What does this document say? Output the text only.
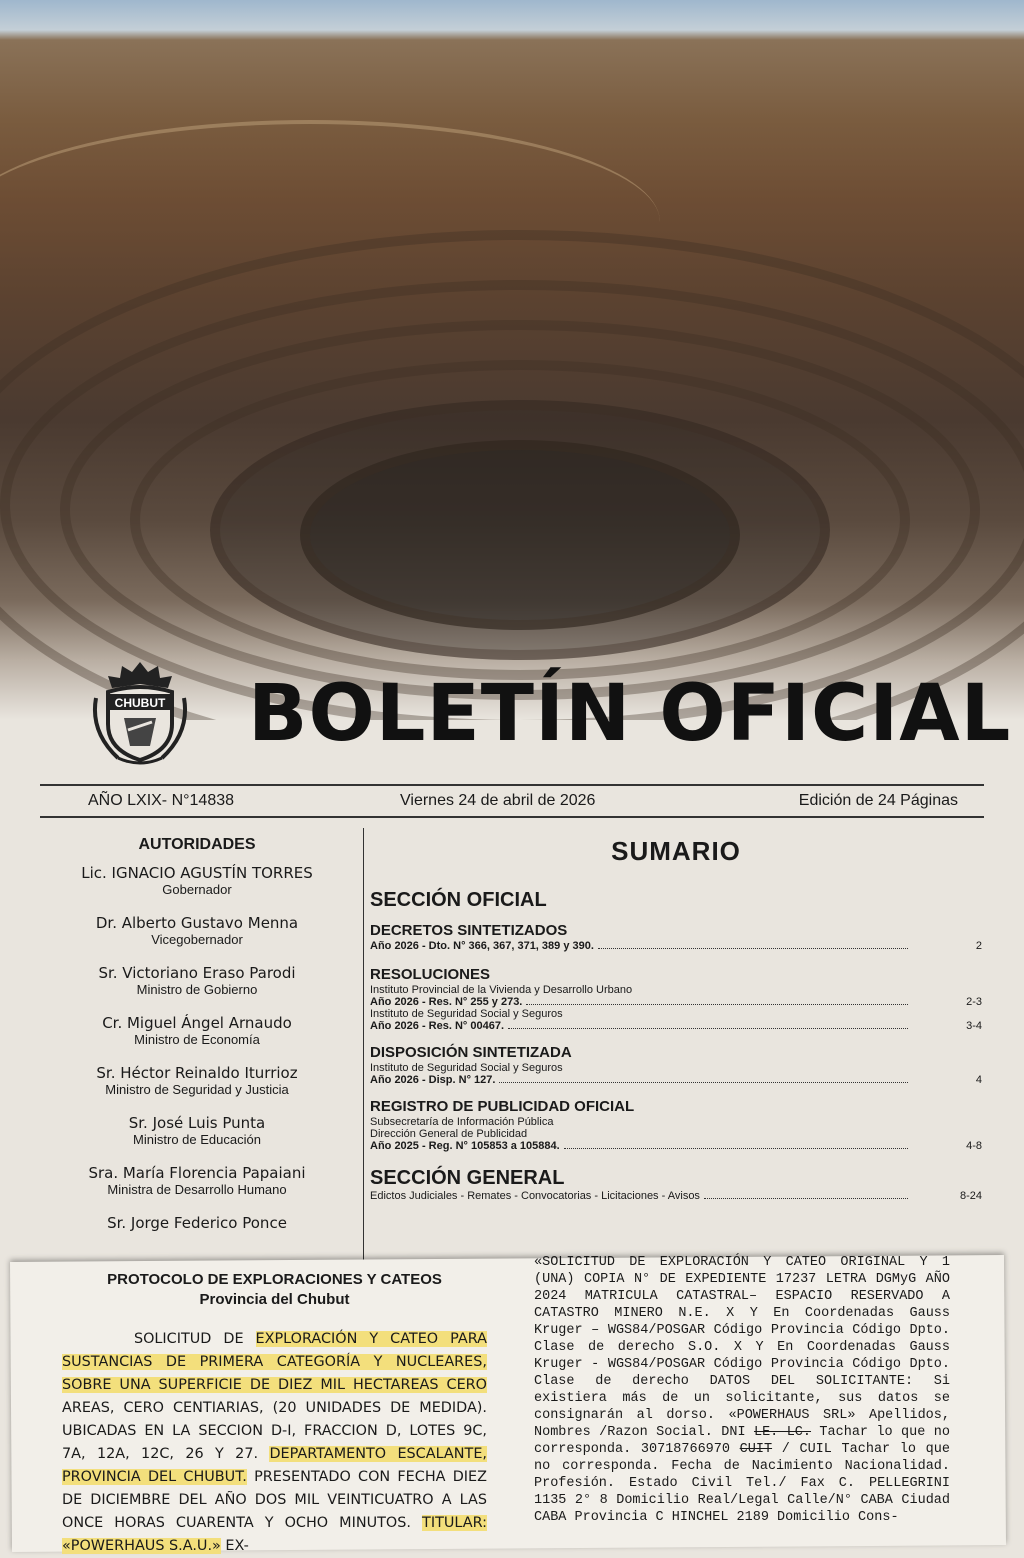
CHUBUT BOLETÍN OFICIAL
AÑO LXIX- N°14838	Viernes 24 de abril de 2026	Edición de 24 Páginas
AUTORIDADES
Lic. IGNACIO AGUSTÍN TORRES
Gobernador
Dr. Alberto Gustavo Menna
Vicegobernador
Sr. Victoriano Eraso Parodi
Ministro de Gobierno
Cr. Miguel Ángel Arnaudo
Ministro de Economía
Sr. Héctor Reinaldo Iturrioz
Ministro de Seguridad y Justicia
Sr. José Luis Punta
Ministro de Educación
Sra. María Florencia Papaiani
Ministra de Desarrollo Humano
Sr. Jorge Federico Ponce
SUMARIO
SECCIÓN OFICIAL
DECRETOS SINTETIZADOS
Año 2026 - Dto. N° 366, 367, 371, 389 y 390.	2
RESOLUCIONES
Instituto Provincial de la Vivienda y Desarrollo Urbano
Año 2026 - Res. N° 255 y 273.	2-3
Instituto de Seguridad Social y Seguros
Año 2026 - Res. N° 00467.	3-4
DISPOSICIÓN SINTETIZADA
Instituto de Seguridad Social y Seguros
Año 2026 - Disp. N° 127.	4
REGISTRO DE PUBLICIDAD OFICIAL
Subsecretaría de Información Pública
Dirección General de Publicidad
Año 2025 - Reg. N° 105853 a 105884.	4-8
SECCIÓN GENERAL
Edictos Judiciales - Remates - Convocatorias - Licitaciones - Avisos	8-24
PROTOCOLO DE EXPLORACIONES Y CATEOS
Provincia del Chubut

SOLICITUD DE EXPLORACIÓN Y CATEO PARA SUSTANCIAS DE PRIMERA CATEGORÍA Y NUCLEARES, SOBRE UNA SUPERFICIE DE DIEZ MIL HECTAREAS CERO AREAS, CERO CENTIARIAS, (20 UNIDADES DE MEDIDA). UBICADAS EN LA SECCION D-I, FRACCION D, LOTES 9C, 7A, 12A, 12C, 26 Y 27. DEPARTAMENTO ESCALANTE, PROVINCIA DEL CHUBUT. PRESENTADO CON FECHA DIEZ DE DICIEMBRE DEL AÑO DOS MIL VEINTICUATRO A LAS ONCE HORAS CUARENTA Y OCHO MINUTOS. TITULAR: «POWERHAUS S.A.U.» EX-

«SOLICITUD DE EXPLORACIÓN Y CATEO ORIGINAL Y 1 (UNA) COPIA N° DE EXPEDIENTE 17237 LETRA DGMyG AÑO 2024 MATRICULA CATASTRAL– ESPACIO RESERVADO A CATASTRO MINERO N.E. X Y En Coordenadas Gauss Kruger – WGS84/POSGAR Código Provincia Código Dpto. Clase de derecho S.O. X Y En Coordenadas Gauss Kruger - WGS84/POSGAR Código Provincia Código Dpto. Clase de derecho DATOS DEL SOLICITANTE: Si existiera más de un solicitante, sus datos se consignarán al dorso. «POWERHAUS SRL» Apellidos, Nombres /Razon Social. DNI LE. LC. Tachar lo que no corresponda. 30718766970 CUIT / CUIL Tachar lo que no corresponda. Fecha de Nacimiento Nacionalidad. Profesión. Estado Civil Tel./ Fax C. PELLEGRINI 1135 2° 8 Domicilio Real/Legal Calle/N° CABA Ciudad CABA Provincia C HINCHEL 2189 Domicilio Cons-
